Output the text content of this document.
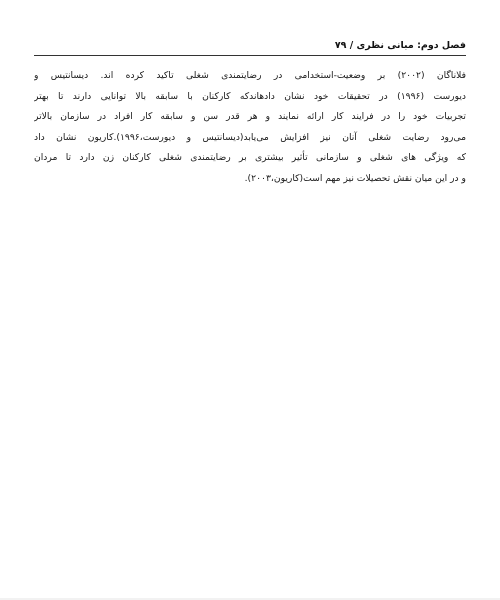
فصل دوم: مبانی نظری / ۷۹
فلاناگان (۲۰۰۲) بر وضعیت-استخدامی در رضایتمندی شغلی تاکید کرده اند. دیسانتیس و
دیورست (۱۹۹۶) در تحقیقات خود نشان دادهاندکه کارکنان با سابقه بالا توانایی دارند تا بهتر
تجربیات خود را در فرایند کار ارائه نمایند و هر قدر سن و سابقه کار افراد در سازمان بالاتر
می‌رود رضایت شغلی آنان نیز افزایش می‌یابد(دیسانتیس و دیورست،۱۹۹۶).کاریون نشان داد
که ویژگی های شغلی و سازمانی تأثیر بیشتری بر رضایتمندی شغلی کارکنان زن دارد تا مردان
و در این میان نقش تحصیلات نیز مهم است(کاریون،۲۰۰۳).
